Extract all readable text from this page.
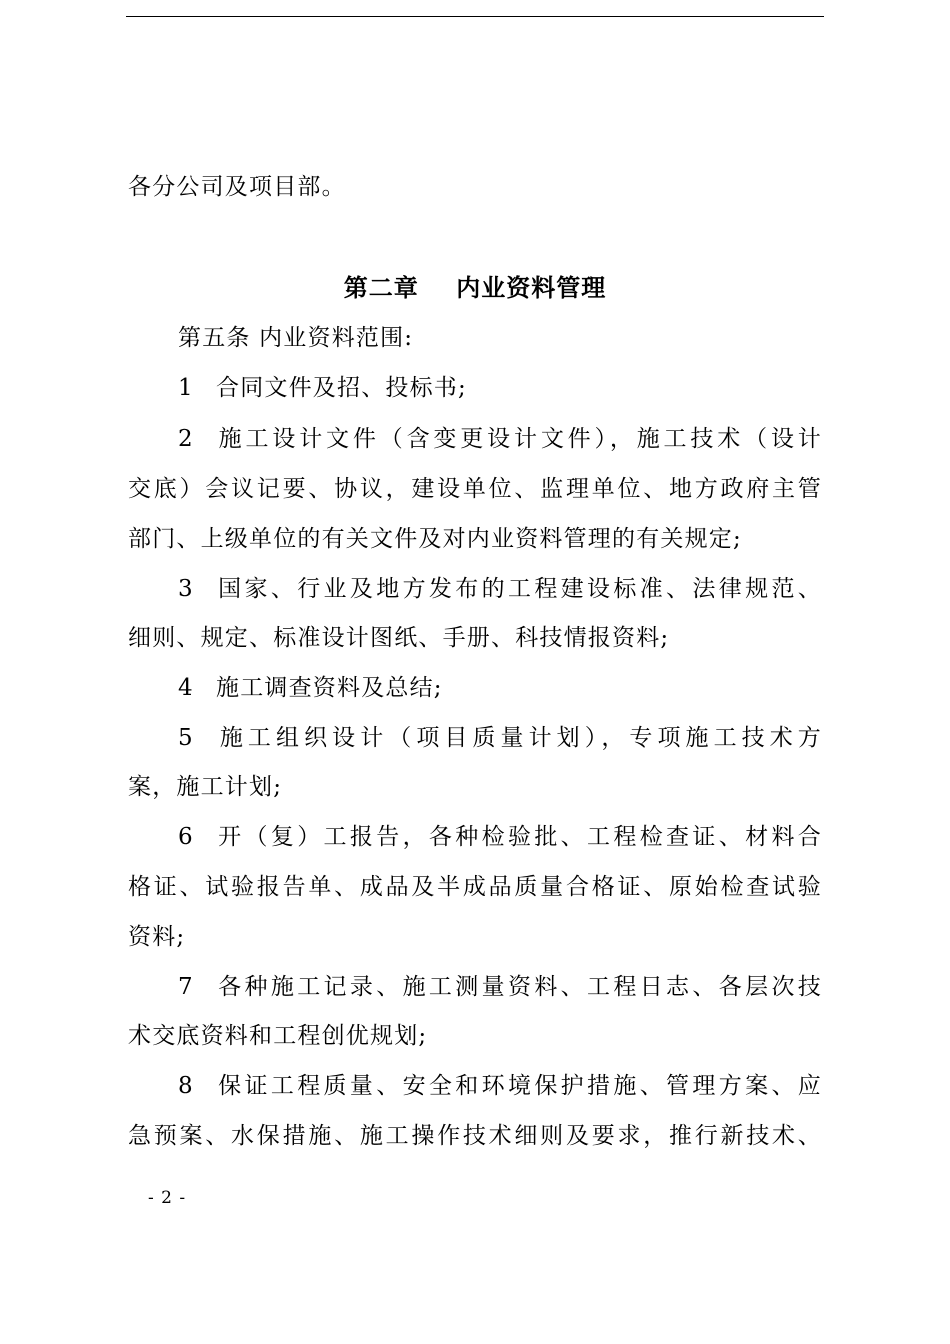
各分公司及项目部。
第二章    内业资料管理
第五条 内业资料范围:
1 合同文件及招、投标书;
2 施工设计文件（含变更设计文件），施工技术（设计
交底）会议记要、协议，建设单位、监理单位、地方政府主管
部门、上级单位的有关文件及对内业资料管理的有关规定;
3 国家、行业及地方发布的工程建设标准、法律规范、
细则、规定、标准设计图纸、手册、科技情报资料;
4 施工调查资料及总结;
5 施工组织设计（项目质量计划），专项施工技术方
案，施工计划;
6 开（复）工报告，各种检验批、工程检查证、材料合
格证、试验报告单、成品及半成品质量合格证、原始检查试验
资料;
7 各种施工记录、施工测量资料、工程日志、各层次技
术交底资料和工程创优规划;
8 保证工程质量、安全和环境保护措施、管理方案、应
急预案、水保措施、施工操作技术细则及要求，推行新技术、
- 2 -
